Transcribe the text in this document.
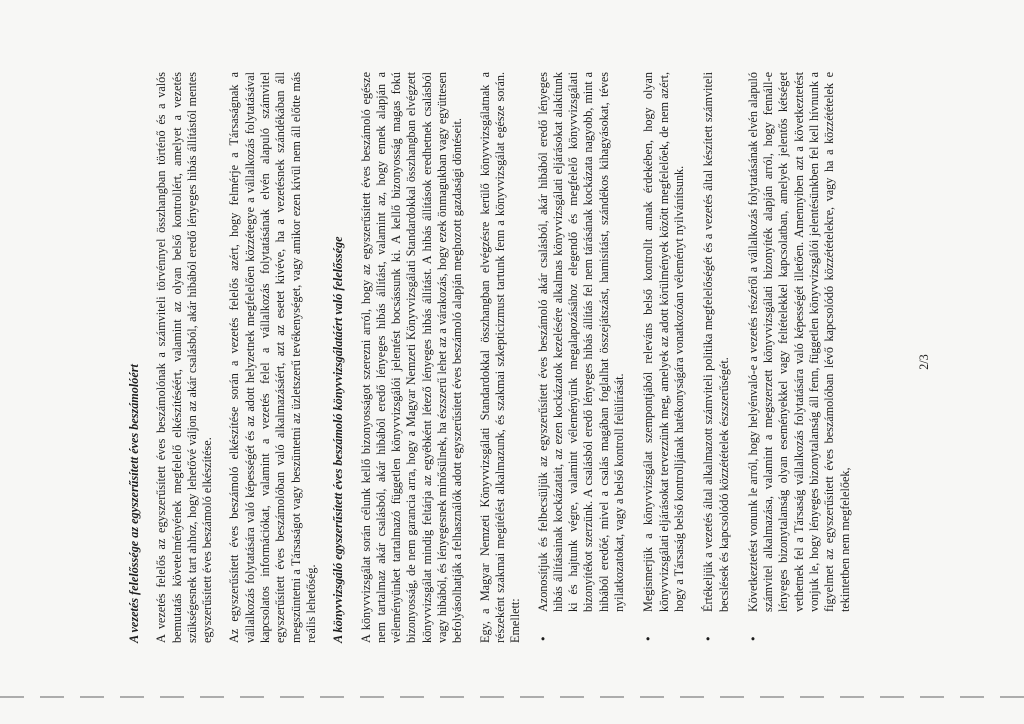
A vezetés felelőssége az egyszerűsített éves beszámolóért A vezetés felelős az egyszerűsített éves beszámolónak a számviteli törvénnyel összhangban történő és a valós bemutatás követelményének megfelelő elkészítéséért, valamint az olyan belső kontrollért, amelyet a vezetés szükségesnek tart ahhoz, hogy lehetővé váljon az akár csalásból, akár hibából eredő lényeges hibás állítástól mentes egyszerűsített éves beszámoló elkészítése. Az egyszerűsített éves beszámoló elkészítése során a vezetés felelős azért, hogy felmérje a Társaságnak a vállalkozás folytatására való képességét és az adott helyzetnek megfelelően közzétegye a vállalkozás folytatásával kapcsolatos információkat, valamint a vezetés felel a vállalkozás folytatásának elvén alapuló számvitel egyszerűsített éves beszámolóban való alkalmazásáért, azt az esetet kivéve, ha a vezetésnek szándékában áll megszüntetni a Társaságot vagy beszüntetni az üzletszerű tevékenységet, vagy amikor ezen kívül nem áll előtte más reális lehetőség. A könyvvizsgáló egyszerűsített éves beszámoló könyvvizsgálatáért való felelőssége A könyvvizsgálat során célunk kellő bizonyosságot szerezni arról, hogy az egyszerűsített éves beszámoló egésze nem tartalmaz akár csalásból, akár hibából eredő lényeges hibás állítást, valamint az, hogy ennek alapján a véleményünket tartalmazó független könyvvizsgálói jelentést bocsássunk ki. A kellő bizonyosság magas fokú bizonyosság, de nem garancia arra, hogy a Magyar Nemzeti Könyvvizsgálati Standardokkal összhangban elvégzett könyvvizsgálat mindig feltárja az egyébként létező lényeges hibás állítást. A hibás állítások eredhetnek csalásból vagy hibából, és lényegesnek minősülnek, ha észszerű lehet az a várakozás, hogy ezek önmagukban vagy együttesen befolyásolhatják a felhasználók adott egyszerűsített éves beszámoló alapján meghozott gazdasági döntéseit. Egy, a Magyar Nemzeti Könyvvizsgálati Standardokkal összhangban elvégzésre kerülő könyvvizsgálatnak a részeként szakmai megítélést alkalmazunk, és szakmai szkepticizmust tartunk fenn a könyvvizsgálat egésze során. Emellett: •
Azonosítjuk és felbecsüljük az egyszerűsített éves beszámoló akár csalásból, akár hibából eredő lényeges hibás állításainak kockázatait, az ezen kockázatok kezelésére alkalmas könyvvizsgálati eljárásokat alakítunk ki és hajtunk végre, valamint véleményünk megalapozásához elegendő és megfelelő könyvvizsgálati bizonyítékot szerzünk. A csalásból eredő lényeges hibás állítás fel nem tárásának kockázata nagyobb, mint a hibából eredőé, mivel a csalás magában foglalhat összejátszást, hamisítást, szándékos kihagyásokat, téves nyilatkozatokat, vagy a belső kontroll felülírását.
•
Megismerjük a könyvvizsgálat szempontjából releváns belső kontrollt annak érdekében, hogy olyan könyvvizsgálati eljárásokat tervezzünk meg, amelyek az adott körülmények között megfelelőek, de nem azért, hogy a Társaság belső kontrolljának hatékonyságára vonatkozóan véleményt nyilvánítsunk.
•
Értékeljük a vezetés által alkalmazott számviteli politika megfelelőségét és a vezetés által készített számviteli becslések és kapcsolódó közzétételek észszerűségét.
•
Következtetést vonunk le arról, hogy helyénvaló-e a vezetés részéről a vállalkozás folytatásának elvén alapuló számvitel alkalmazása, valamint a megszerzett könyvvizsgálati bizonyíték alapján arról, hogy fennáll-e lényeges bizonytalanság olyan eseményekkel vagy feltételekkel kapcsolatban, amelyek jelentős kétséget vethetnek fel a Társaság vállalkozás folytatására való képességét illetően. Amennyiben azt a következtetést vonjuk le, hogy lényeges bizonytalanság áll fenn, független könyvvizsgálói jelentésünkben fel kell hívnunk a figyelmet az egyszerűsített éves beszámolóban lévő kapcsolódó közzétételekre, vagy ha a közzétételek e tekintetben nem megfelelőek,
2/3
